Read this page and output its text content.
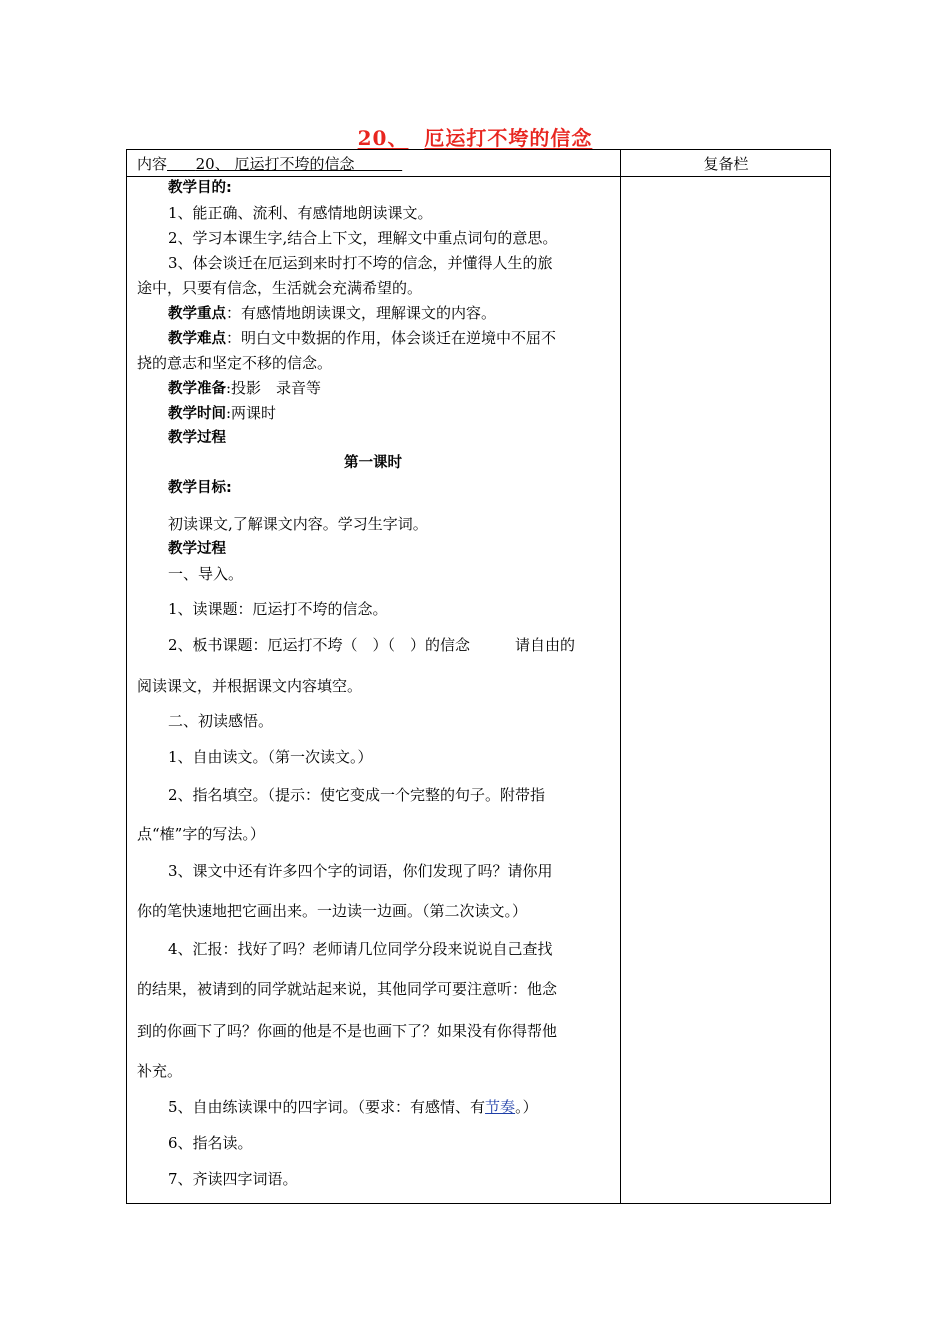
20、 厄运打不垮的信念
内容 20、 厄运打不垮的信念	复备栏
教学目的:
1、能正确、流利、有感情地朗读课文。
2、学习本课生字,结合上下文，理解文中重点词句的意思。
3、体会谈迁在厄运到来时打不垮的信念，并懂得人生的旅
途中，只要有信念，生活就会充满希望的。
教学重点：有感情地朗读课文，理解课文的内容。
教学难点：明白文中数据的作用，体会谈迁在逆境中不屈不
挠的意志和坚定不移的信念。
教学准备:投影　录音等
教学时间:两课时
教学过程
第一课时
教学目标:
初读课文,了解课文内容。学习生字词。
教学过程
一、导入。
1、读课题：厄运打不垮的信念。
2、板书课题：厄运打不垮（　）（　）的信念　　　请自由的
阅读课文，并根据课文内容填空。
二、初读感悟。
1、自由读文。（第一次读文。）
2、指名填空。（提示：使它变成一个完整的句子。附带指
点“榷”字的写法。）
3、课文中还有许多四个字的词语，你们发现了吗？请你用
你的笔快速地把它画出来。一边读一边画。（第二次读文。）
4、汇报：找好了吗？老师请几位同学分段来说说自己查找
的结果，被请到的同学就站起来说，其他同学可要注意听：他念
到的你画下了吗？你画的他是不是也画下了？如果没有你得帮他
补充。
5、自由练读课中的四字词。（要求：有感情、有节奏。）
6、指名读。
7、齐读四字词语。
